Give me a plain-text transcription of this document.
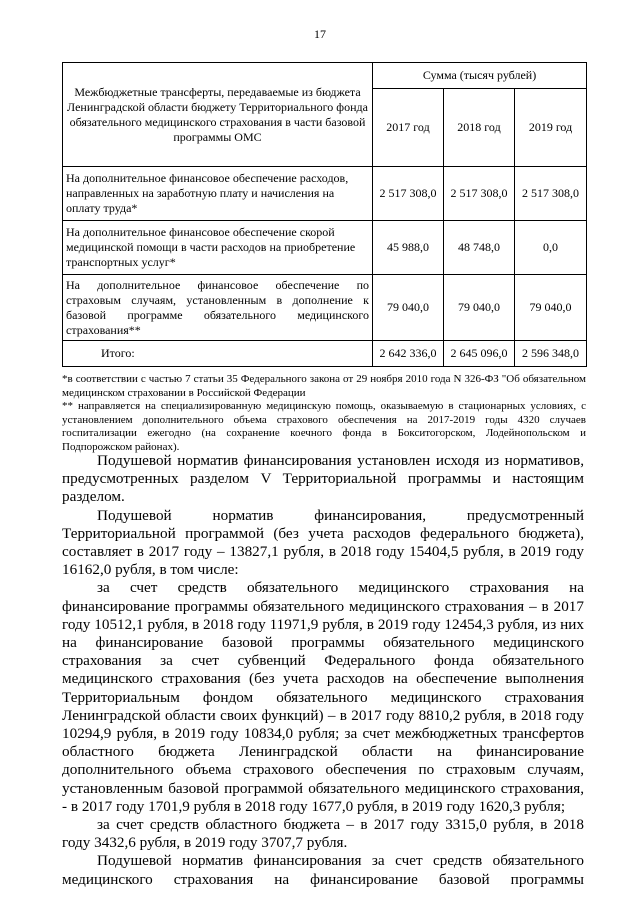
17
Межбюджетные трансферты, передаваемые из бюджета Ленинградской области бюджету Территориального фонда обязательного медицинского страхования в части базовой программы ОМС	Сумма (тысяч рублей)		
	2017 год	2018 год	2019 год
На дополнительное финансовое обеспечение расходов, направленных на заработную плату и начисления на оплату труда*	2 517 308,0	2 517 308,0	2 517 308,0
На дополнительное финансовое обеспечение скорой медицинской помощи в части расходов на приобретение транспортных услуг*	45 988,0	48 748,0	0,0
На дополнительное финансовое обеспечение по страховым случаям, установленным в дополнение к базовой программе обязательного медицинского страхования**	79 040,0	79 040,0	79 040,0
Итого:	2 642 336,0	2 645 096,0	2 596 348,0

*в соответствии с частью 7 статьи 35 Федерального закона от 29 ноября 2010 года N 326-ФЗ "Об обязательном медицинском страховании в Российской Федерации

** направляется на специализированную медицинскую помощь, оказываемую в стационарных условиях, с установлением дополнительного объема страхового обеспечения на 2017-2019 годы 4320 случаев госпитализации ежегодно (на сохранение коечного фонда в Бокситогорском, Лодейнопольском и Подпорожском районах).

Подушевой норматив финансирования установлен исходя из нормативов, предусмотренных разделом V Территориальной программы и настоящим разделом.

Подушевой норматив финансирования, предусмотренный Территориальной программой (без учета расходов федерального бюджета), составляет в 2017 году – 13827,1 рубля, в 2018 году 15404,5 рубля, в 2019 году 16162,0 рубля, в том числе:

за счет средств обязательного медицинского страхования на финансирование программы обязательного медицинского страхования – в 2017 году 10512,1 рубля, в 2018 году 11971,9 рубля, в 2019 году 12454,3 рубля, из них на финансирование базовой программы обязательного медицинского страхования за счет субвенций Федерального фонда обязательного медицинского страхования (без учета расходов на обеспечение выполнения Территориальным фондом обязательного медицинского страхования Ленинградской области своих функций) – в 2017 году 8810,2 рубля, в 2018 году 10294,9 рубля, в 2019 году 10834,0 рубля; за счет межбюджетных трансфертов областного бюджета Ленинградской области на финансирование дополнительного объема страхового обеспечения по страховым случаям, установленным базовой программой обязательного медицинского страхования, - в 2017 году 1701,9 рубля в 2018 году 1677,0 рубля, в 2019 году 1620,3 рубля;

за счет средств областного бюджета – в 2017 году 3315,0 рубля, в 2018 году 3432,6 рубля, в 2019 году 3707,7 рубля.

Подушевой норматив финансирования за счет средств обязательного медицинского страхования на финансирование базовой программы
